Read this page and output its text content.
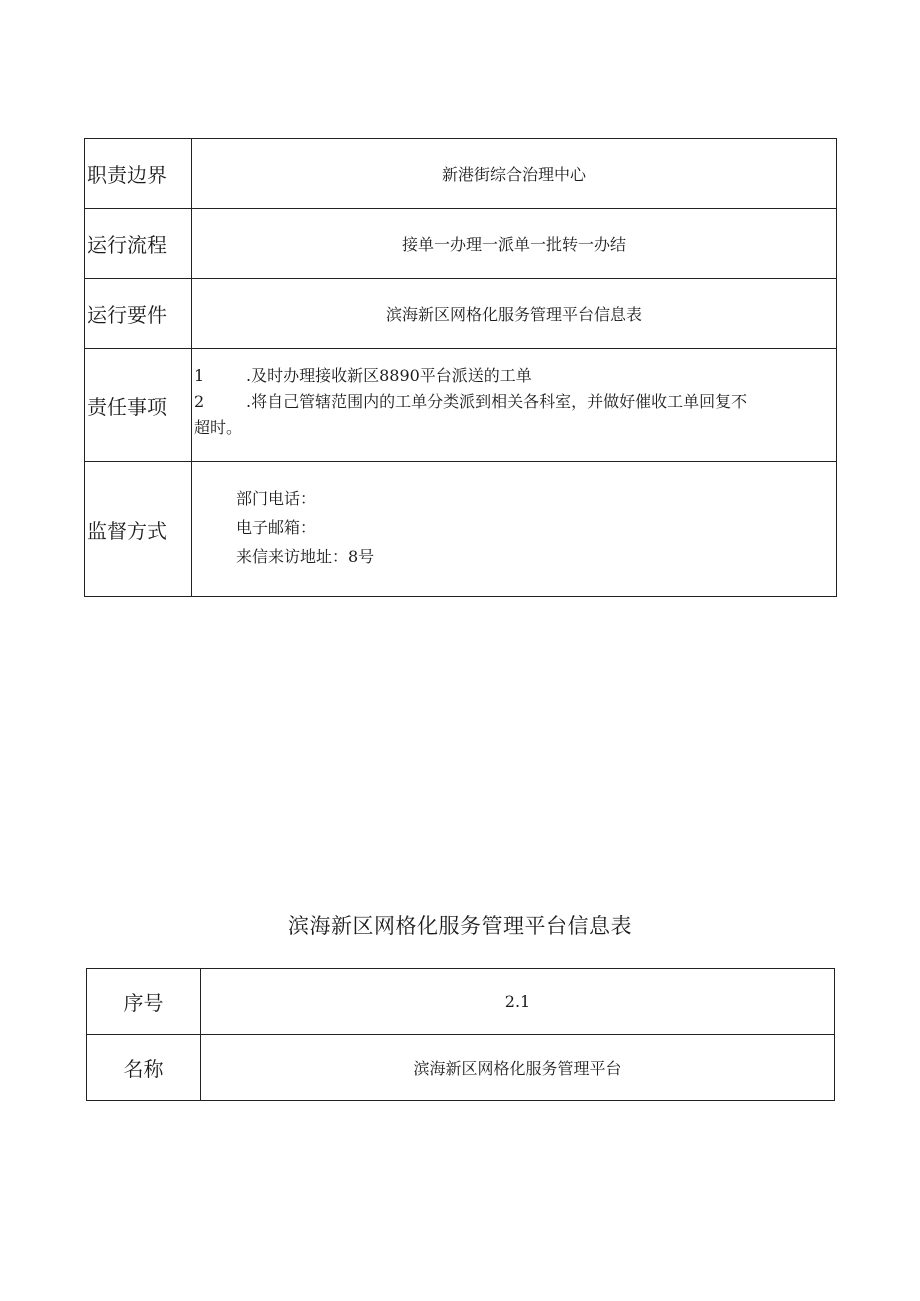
职责边界	新港街综合治理中心
运行流程	接单一办理一派单一批转一办结
运行要件	滨海新区网格化服务管理平台信息表
责任事项	1 .及时办理接收新区8890平台派送的工单
2 .将自己管辖范围内的工单分类派到相关各科室，并做好催收工单回复不
超时。

监督方式	部门电话：
电子邮箱：
来信来访地址：8号
滨海新区网格化服务管理平台信息表
序号	2.1
名称	滨海新区网格化服务管理平台
